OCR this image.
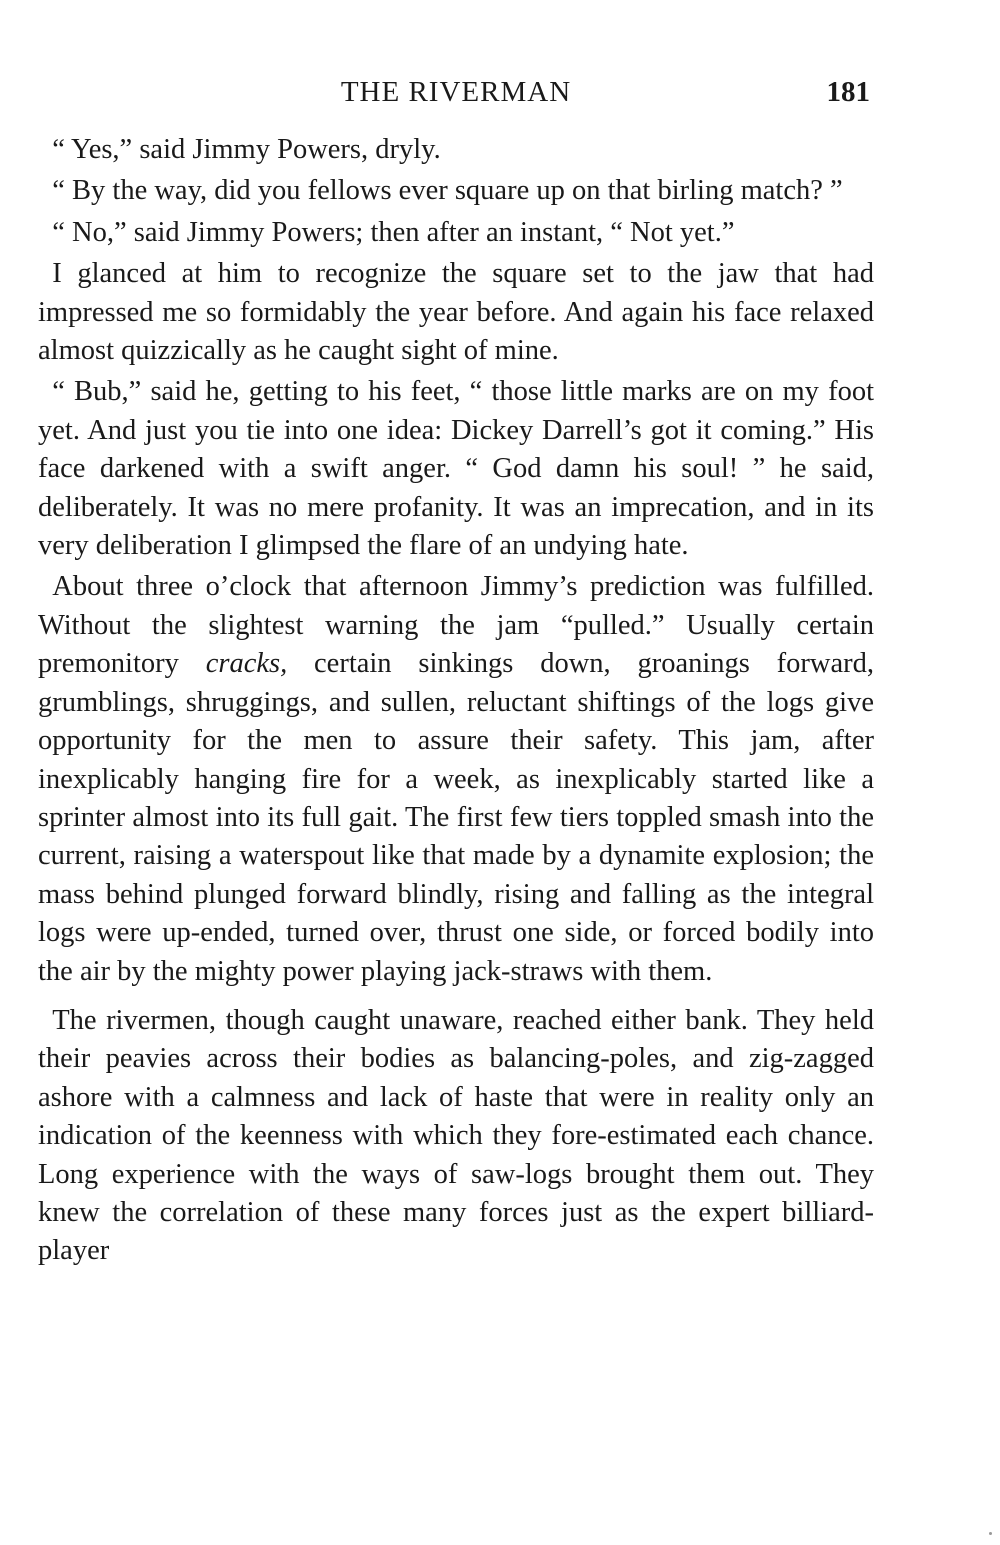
THE RIVERMAN	181

“ Yes,” said Jimmy Powers, dryly.

“ By the way, did you fellows ever square up on that birling match? ”

“ No,” said Jimmy Powers; then after an instant, “ Not yet.”

I glanced at him to recognize the square set to the jaw that had impressed me so formidably the year before. And again his face relaxed almost quizzically as he caught sight of mine.

“ Bub,” said he, getting to his feet, “ those little marks are on my foot yet. And just you tie into one idea: Dickey Darrell’s got it coming.” His face darkened with a swift anger. “ God damn his soul! ” he said, deliberately. It was no mere profanity. It was an imprecation, and in its very deliberation I glimpsed the flare of an undying hate.

About three o’clock that afternoon Jimmy’s prediction was fulfilled. Without the slightest warning the jam “pulled.” Usually certain premonitory cracks, certain sinkings down, groanings forward, grumblings, shruggings, and sullen, reluctant shiftings of the logs give opportunity for the men to assure their safety. This jam, after inexplicably hanging fire for a week, as inexplicably started like a sprinter almost into its full gait. The first few tiers toppled smash into the current, raising a waterspout like that made by a dynamite explosion; the mass behind plunged forward blindly, rising and falling as the integral logs were up-ended, turned over, thrust one side, or forced bodily into the air by the mighty power playing jack-straws with them.

The rivermen, though caught unaware, reached either bank. They held their peavies across their bodies as balancing-poles, and zig-zagged ashore with a calmness and lack of haste that were in reality only an indication of the keenness with which they fore-estimated each chance. Long experience with the ways of saw-logs brought them out. They knew the correlation of these many forces just as the expert billiard-player
